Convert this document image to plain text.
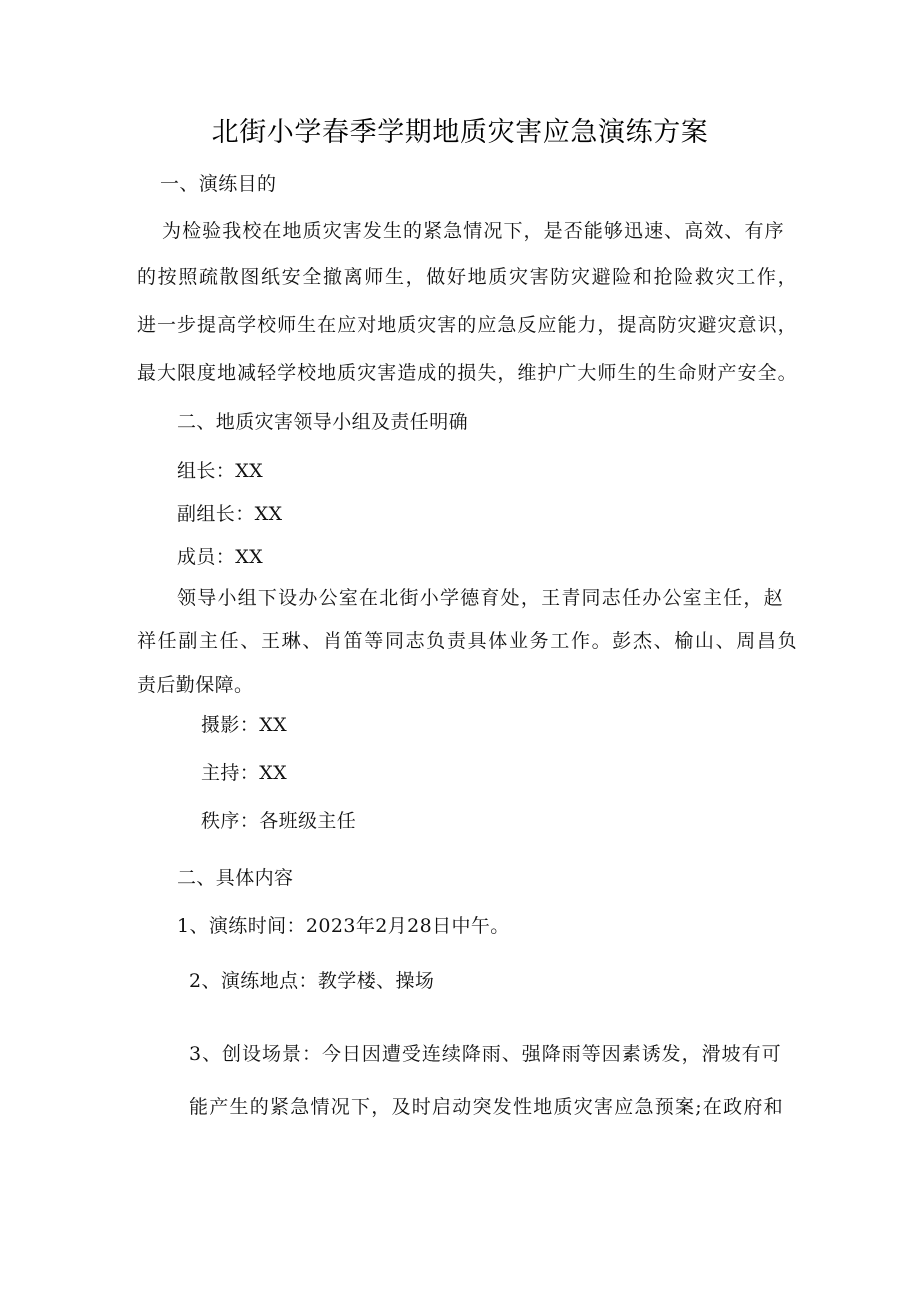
北街小学春季学期地质灾害应急演练方案
一、演练目的
为检验我校在地质灾害发生的紧急情况下，是否能够迅速、高效、有序
的按照疏散图纸安全撤离师生，做好地质灾害防灾避险和抢险救灾工作，
进一步提高学校师生在应对地质灾害的应急反应能力，提高防灾避灾意识，
最大限度地减轻学校地质灾害造成的损失，维护广大师生的生命财产安全。
二、地质灾害领导小组及责任明确
组长：XX
副组长：XX
成员：XX
领导小组下设办公室在北街小学德育处，王青同志任办公室主任，赵
祥任副主任、王琳、肖笛等同志负责具体业务工作。彭杰、榆山、周昌负
责后勤保障。
摄影：XX
主持：XX
秩序：各班级主任
二、具体内容
1、演练时间：2023年2月28日中午。
2、演练地点：教学楼、操场
3、创设场景：今日因遭受连续降雨、强降雨等因素诱发，滑坡有可
能产生的紧急情况下，及时启动突发性地质灾害应急预案;在政府和
